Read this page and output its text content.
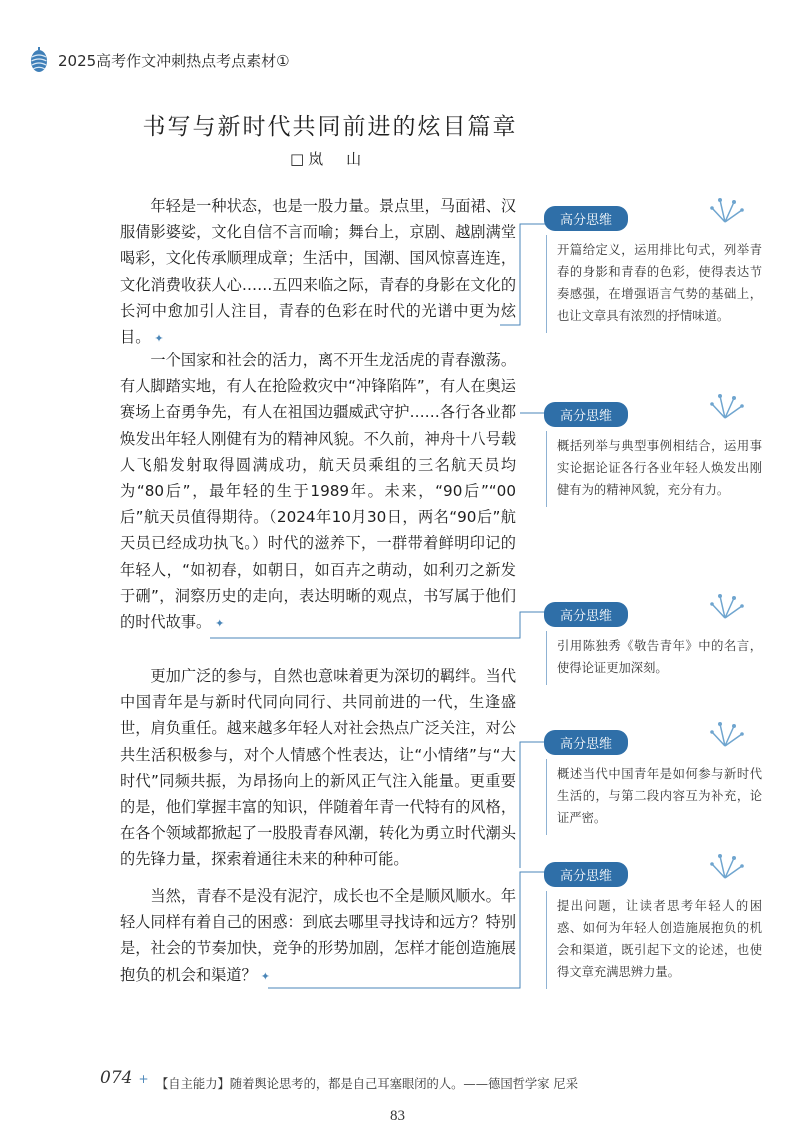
2025高考作文冲刺热点考点素材①
书写与新时代共同前进的炫目篇章
□岚　山

年轻是一种状态，也是一股力量。景点里，马面裙、汉服倩影婆娑，文化自信不言而喻；舞台上，京剧、越剧满堂喝彩，文化传承顺理成章；生活中，国潮、国风惊喜连连，文化消费收获人心……五四来临之际，青春的身影在文化的长河中愈加引人注目，青春的色彩在时代的光谱中更为炫目。 ✦

一个国家和社会的活力，离不开生龙活虎的青春激荡。有人脚踏实地，有人在抢险救灾中“冲锋陷阵”，有人在奥运赛场上奋勇争先，有人在祖国边疆威武守护……各行各业都焕发出年轻人刚健有为的精神风貌。不久前，神舟十八号载人飞船发射取得圆满成功，航天员乘组的三名航天员均为“80后”，最年轻的生于1989年。未来，“90后”“00后”航天员值得期待。（2024年10月30日，两名“90后”航天员已经成功执飞。）时代的滋养下，一群带着鲜明印记的年轻人，“如初春，如朝日，如百卉之萌动，如利刃之新发于硎”，洞察历史的走向，表达明晰的观点，书写属于他们的时代故事。 ✦

更加广泛的参与，自然也意味着更为深切的羁绊。当代中国青年是与新时代同向同行、共同前进的一代，生逢盛世，肩负重任。越来越多年轻人对社会热点广泛关注，对公共生活积极参与，对个人情感个性表达，让“小情绪”与“大时代”同频共振，为昂扬向上的新风正气注入能量。更重要的是，他们掌握丰富的知识，伴随着年青一代特有的风格，在各个领域都掀起了一股股青春风潮，转化为勇立时代潮头的先锋力量，探索着通往未来的种种可能。

当然，青春不是没有泥泞，成长也不全是顺风顺水。年轻人同样有着自己的困惑：到底去哪里寻找诗和远方？特别是，社会的节奏加快，竞争的形势加剧，怎样才能创造施展抱负的机会和渠道？ ✦

高分思维
开篇给定义，运用排比句式，列举青春的身影和青春的色彩，使得表达节奏感强，在增强语言气势的基础上，也让文章具有浓烈的抒情味道。
高分思维
概括列举与典型事例相结合，运用事实论据论证各行各业年轻人焕发出刚健有为的精神风貌，充分有力。
高分思维
引用陈独秀《敬告青年》中的名言，使得论证更加深刻。
高分思维
概述当代中国青年是如何参与新时代生活的，与第二段内容互为补充，论证严密。
高分思维
提出问题，让读者思考年轻人的困惑、如何为年轻人创造施展抱负的机会和渠道，既引起下文的论述，也使得文章充满思辨力量。
074 + 【自主能力】随着舆论思考的，都是自己耳塞眼闭的人。——德国哲学家 尼采
83
